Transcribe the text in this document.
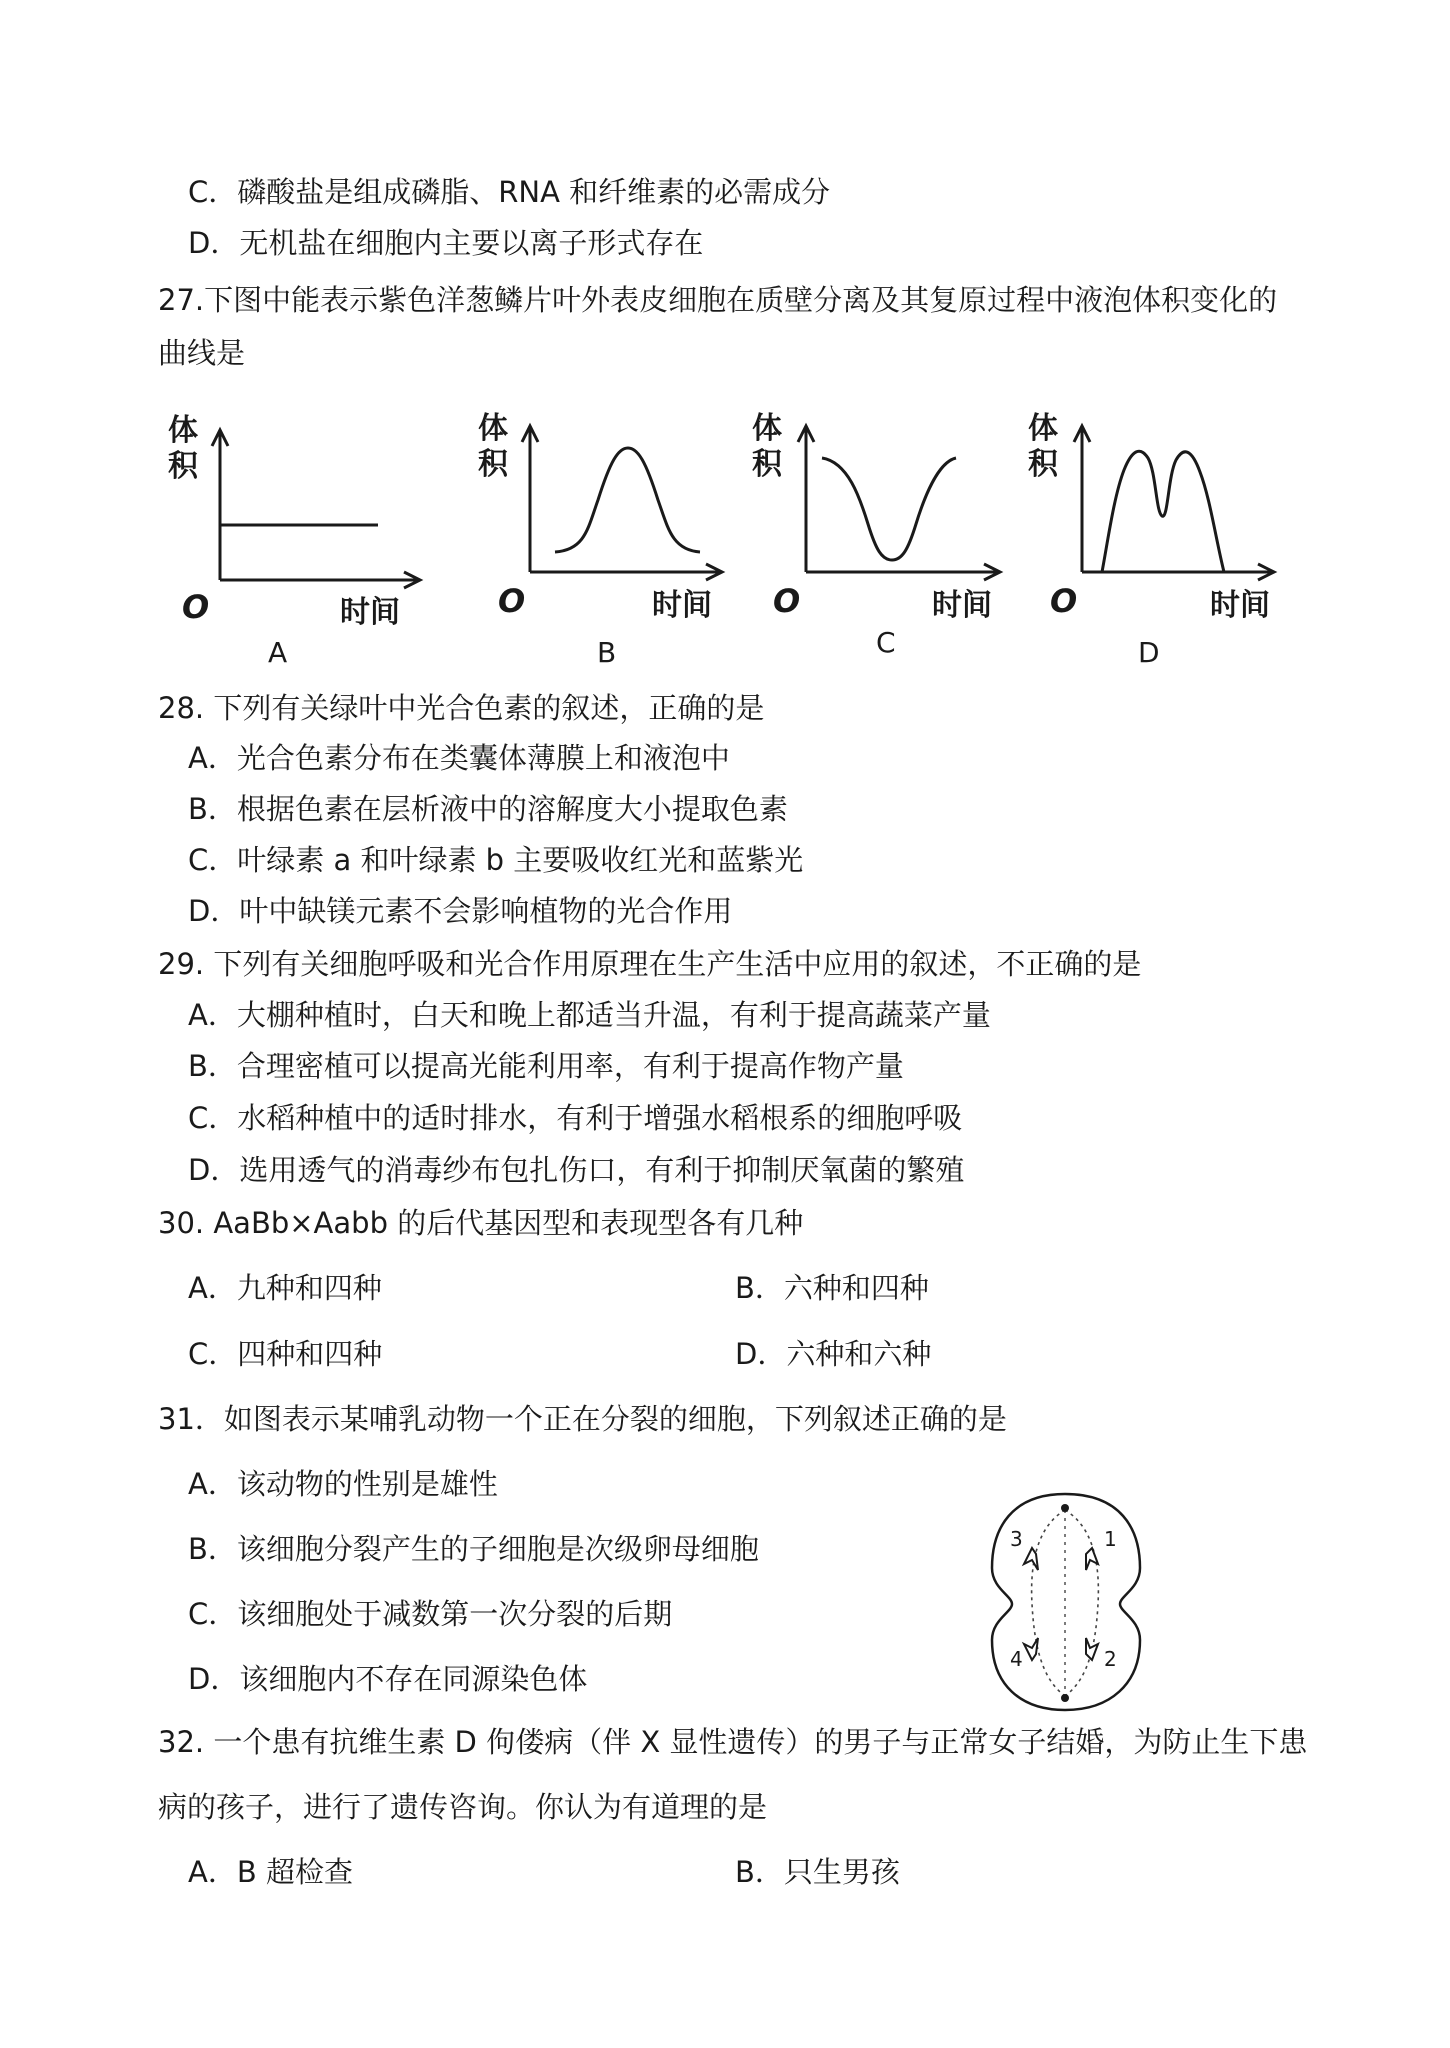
C．磷酸盐是组成磷脂、RNA 和纤维素的必需成分
D．无机盐在细胞内主要以离子形式存在
27.下图中能表示紫色洋葱鳞片叶外表皮细胞在质壁分离及其复原过程中液泡体积变化的
曲线是
体
积
O	时间
A
体
积
O	时间
B
体
积
O	时间
C
体
积
O	时间
D
28. 下列有关绿叶中光合色素的叙述，正确的是
A．光合色素分布在类囊体薄膜上和液泡中
B．根据色素在层析液中的溶解度大小提取色素
C．叶绿素 a 和叶绿素 b 主要吸收红光和蓝紫光
D．叶中缺镁元素不会影响植物的光合作用
29. 下列有关细胞呼吸和光合作用原理在生产生活中应用的叙述，不正确的是
A．大棚种植时，白天和晚上都适当升温，有利于提高蔬菜产量
B．合理密植可以提高光能利用率，有利于提高作物产量
C．水稻种植中的适时排水，有利于增强水稻根系的细胞呼吸
D．选用透气的消毒纱布包扎伤口，有利于抑制厌氧菌的繁殖
30. AaBb×Aabb 的后代基因型和表现型各有几种
A．九种和四种	B．六种和四种
C．四种和四种	D．六种和六种
31．如图表示某哺乳动物一个正在分裂的细胞，下列叙述正确的是
A．该动物的性别是雄性
B．该细胞分裂产生的子细胞是次级卵母细胞
C．该细胞处于减数第一次分裂的后期
D．该细胞内不存在同源染色体
1
2
3
4
32. 一个患有抗维生素 D 佝偻病（伴 X 显性遗传）的男子与正常女子结婚，为防止生下患
病的孩子，进行了遗传咨询。你认为有道理的是
A．B 超检查	B．只生男孩
